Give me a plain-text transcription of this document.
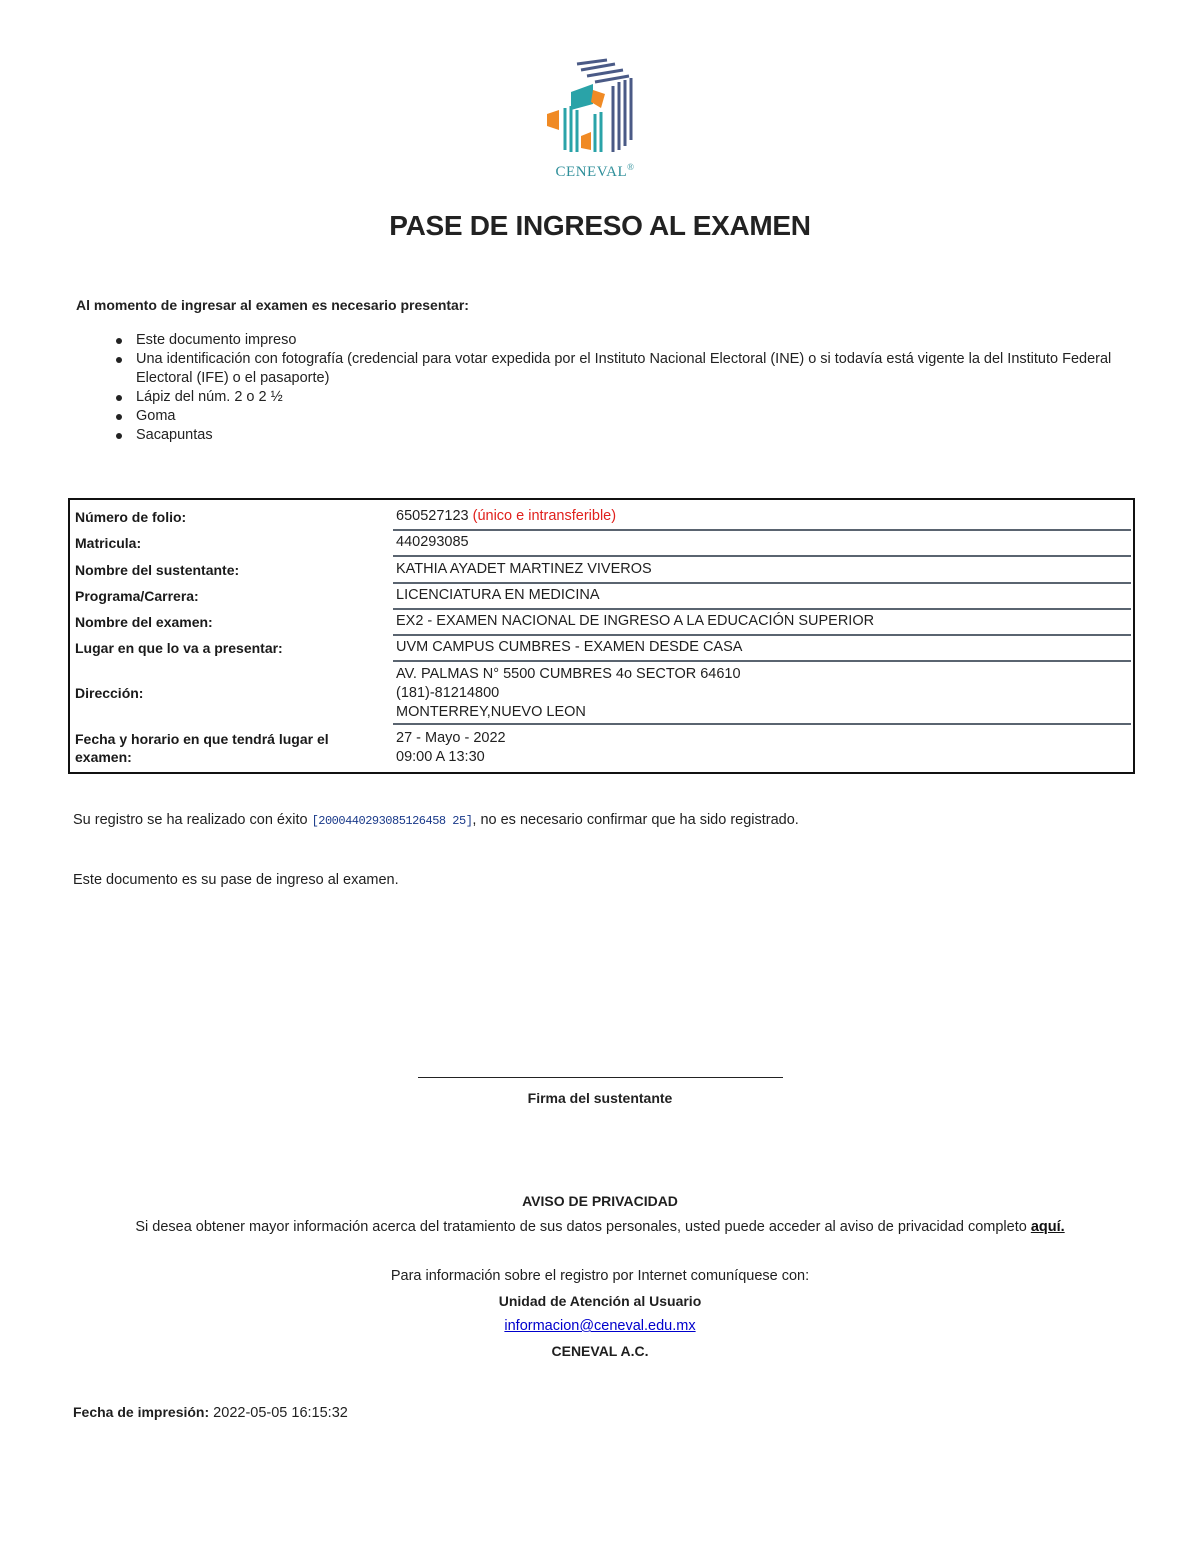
CENEVAL®
PASE DE INGRESO AL EXAMEN
Al momento de ingresar al examen es necesario presentar:
Este documento impreso
Una identificación con fotografía (credencial para votar expedida por el Instituto Nacional Electoral (INE) o si todavía está vigente la del Instituto Federal Electoral (IFE) o el pasaporte)
Lápiz del núm. 2 o 2 ½
Goma
Sacapuntas
Número de folio:	650527123 (único e intransferible)
Matricula:	440293085
Nombre del sustentante:	KATHIA AYADET MARTINEZ VIVEROS
Programa/Carrera:	LICENCIATURA EN MEDICINA
Nombre del examen:	EX2 - EXAMEN NACIONAL DE INGRESO A LA EDUCACIÓN SUPERIOR
Lugar en que lo va a presentar:	UVM CAMPUS CUMBRES - EXAMEN DESDE CASA
Dirección:
AV. PALMAS N° 5500 CUMBRES 4o SECTOR 64610
(181)-81214800
MONTERREY,NUEVO LEON
Fecha y horario en que tendrá lugar el examen:
27 - Mayo - 2022
09:00 A 13:30
Su registro se ha realizado con éxito [2000440293085126458 25], no es necesario confirmar que ha sido registrado.
Este documento es su pase de ingreso al examen.
Firma del sustentante
AVISO DE PRIVACIDAD
Si desea obtener mayor información acerca del tratamiento de sus datos personales, usted puede acceder al aviso de privacidad completo aquí.
Para información sobre el registro por Internet comuníquese con:
Unidad de Atención al Usuario
informacion@ceneval.edu.mx
CENEVAL A.C.
Fecha de impresión: 2022-05-05 16:15:32
